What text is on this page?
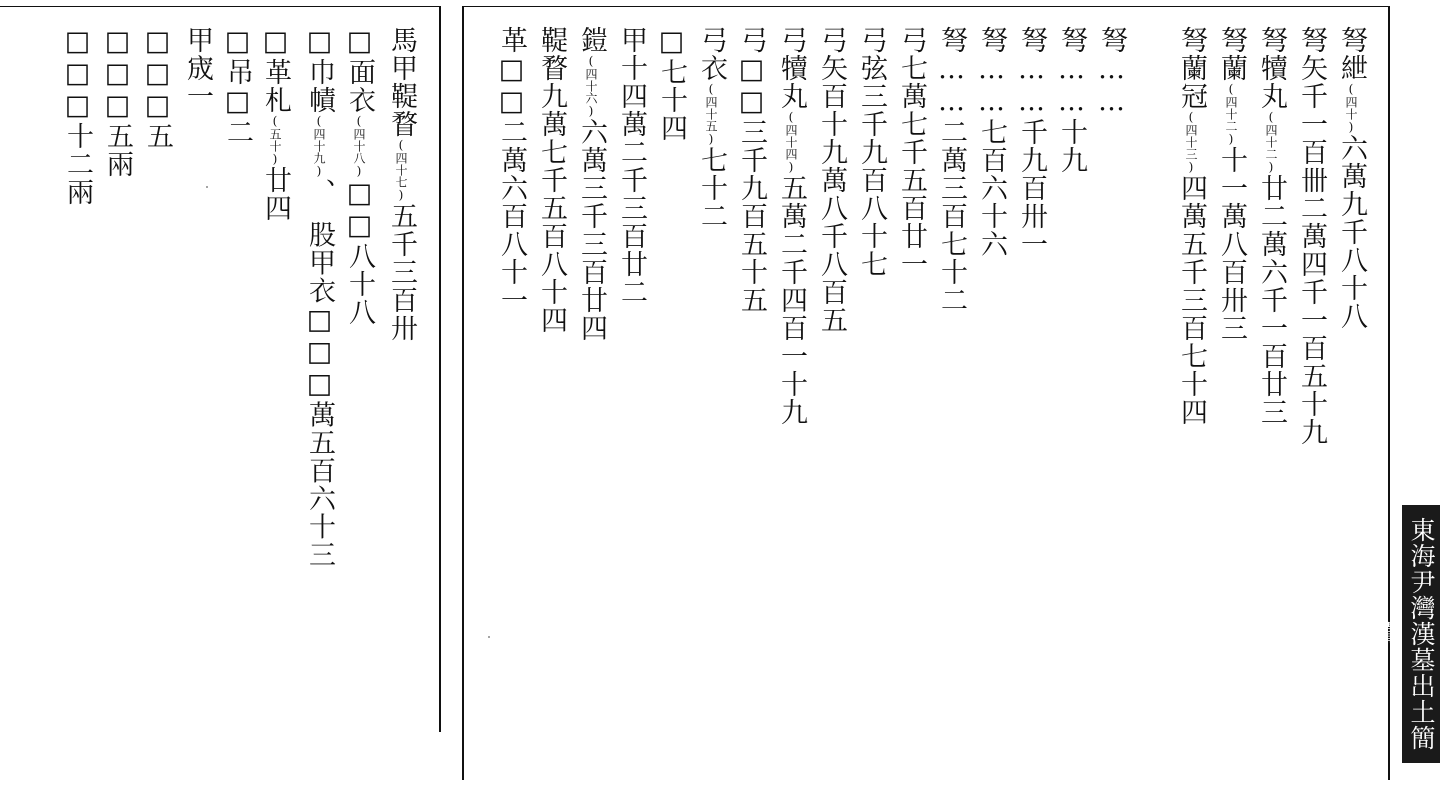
弩紲(四十)六萬九千八十八
弩矢千一百卌二萬四千一百五十九
弩犢丸(四十二)廿二萬六千一百廿三
弩蘭(四十二)十一萬八百卅三
弩蘭冠(四十三)四萬五千三百七十四
弩……
弩……十九
弩……千九百卅一
弩……七百六十六
弩……二萬三百七十二
弓七萬七千五百廿一
弓弦三千九百八十七
弓矢百十九萬八千八百五
弓犢丸(四十四)五萬二千四百一十九
弓□□三千九百五十五
弓衣(四十五)七十二
□七十四
甲十四萬二千三百廿二
鎧(四十六)六萬三千三百廿四
鞮瞀九萬七千五百八十四
革□□二萬六百八十一
馬甲鞮瞀(四十七)五千三百卅
□面衣(四十八)□□八十八
□巾幘(四十九)、　股甲衣□□□萬五百六十三
□革札(五十)廿四
□吊□二
甲宬一
□□□五
□□□五兩
□□□十二兩
東海尹灣漢墓出土簡牘
